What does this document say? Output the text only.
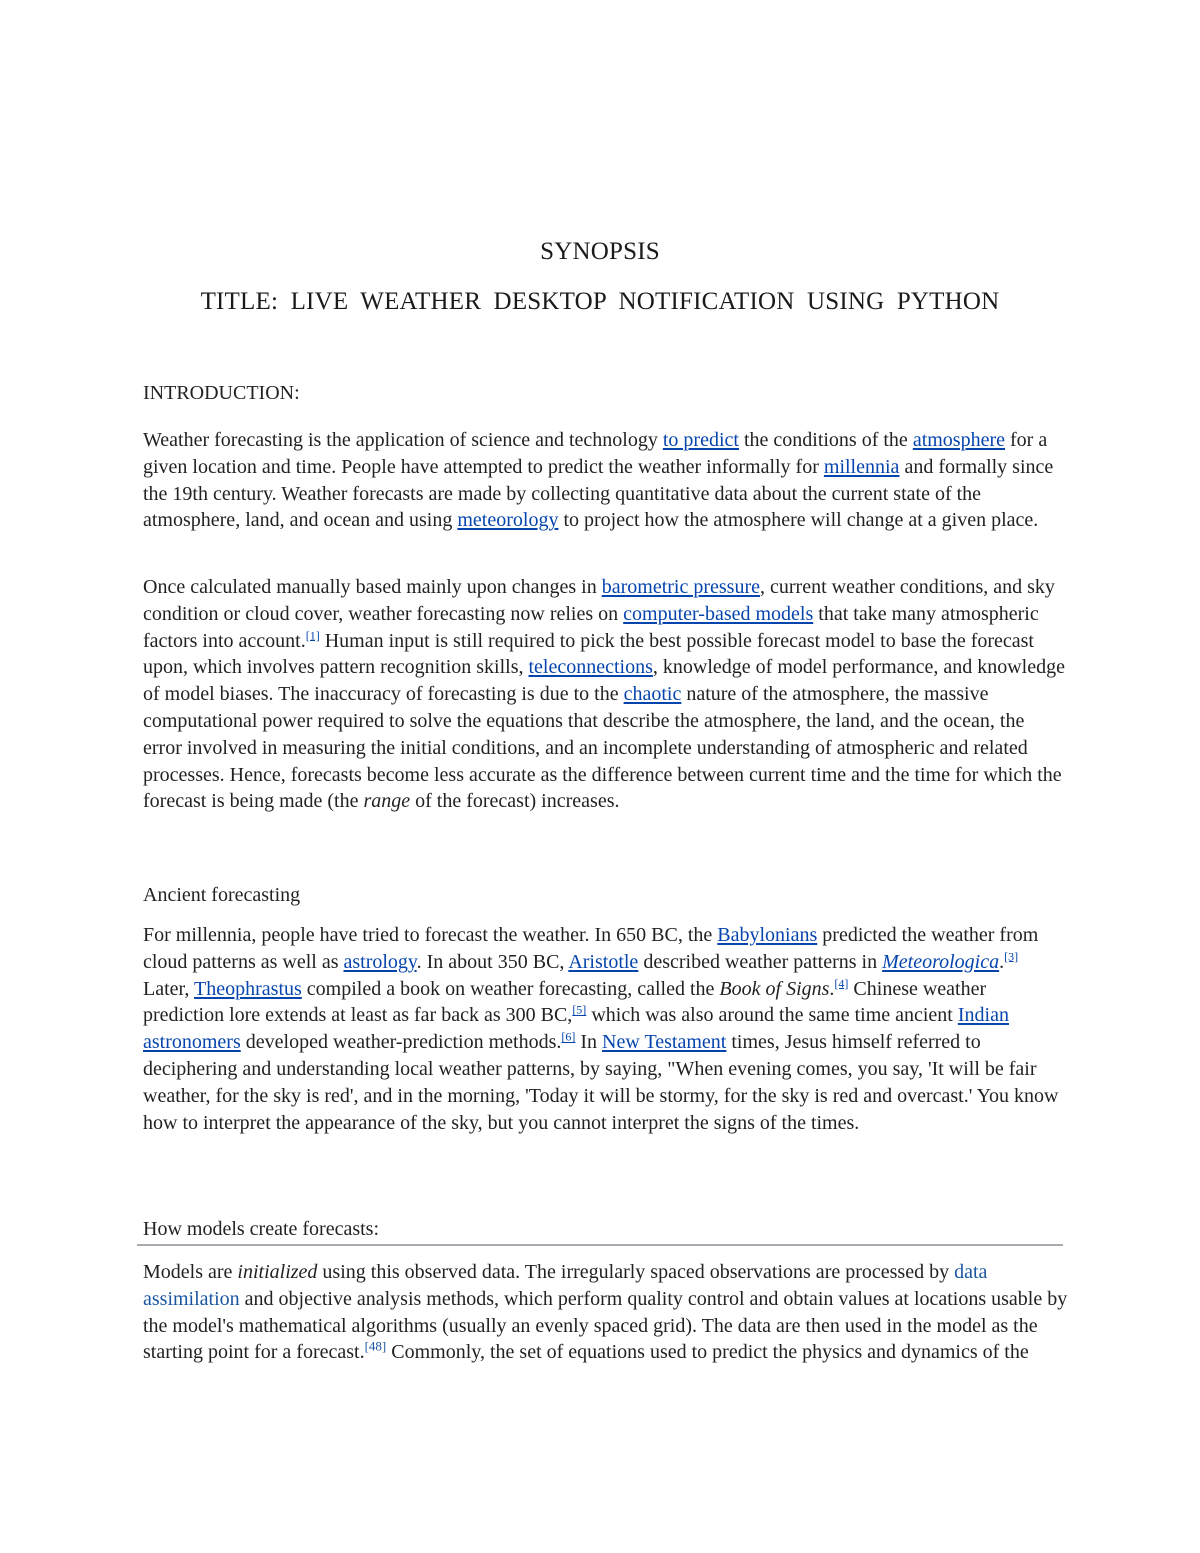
SYNOPSIS
TITLE: LIVE WEATHER DESKTOP NOTIFICATION USING PYTHON
INTRODUCTION:
Weather forecasting is the application of science and technology to predict the conditions of the atmosphere for a given location and time. People have attempted to predict the weather informally for millennia and formally since the 19th century. Weather forecasts are made by collecting quantitative data about the current state of the atmosphere, land, and ocean and using meteorology to project how the atmosphere will change at a given place.
Once calculated manually based mainly upon changes in barometric pressure, current weather conditions, and sky condition or cloud cover, weather forecasting now relies on computer-based models that take many atmospheric factors into account.[1] Human input is still required to pick the best possible forecast model to base the forecast upon, which involves pattern recognition skills, teleconnections, knowledge of model performance, and knowledge of model biases. The inaccuracy of forecasting is due to the chaotic nature of the atmosphere, the massive computational power required to solve the equations that describe the atmosphere, the land, and the ocean, the error involved in measuring the initial conditions, and an incomplete understanding of atmospheric and related processes. Hence, forecasts become less accurate as the difference between current time and the time for which the forecast is being made (the range of the forecast) increases.
Ancient forecasting
For millennia, people have tried to forecast the weather. In 650 BC, the Babylonians predicted the weather from cloud patterns as well as astrology. In about 350 BC, Aristotle described weather patterns in Meteorologica.[3] Later, Theophrastus compiled a book on weather forecasting, called the Book of Signs.[4] Chinese weather prediction lore extends at least as far back as 300 BC,[5] which was also around the same time ancient Indian astronomers developed weather-prediction methods.[6] In New Testament times, Jesus himself referred to deciphering and understanding local weather patterns, by saying, "When evening comes, you say, 'It will be fair weather, for the sky is red', and in the morning, 'Today it will be stormy, for the sky is red and overcast.' You know how to interpret the appearance of the sky, but you cannot interpret the signs of the times.
How models create forecasts:
Models are initialized using this observed data. The irregularly spaced observations are processed by data assimilation and objective analysis methods, which perform quality control and obtain values at locations usable by the model's mathematical algorithms (usually an evenly spaced grid). The data are then used in the model as the starting point for a forecast.[48] Commonly, the set of equations used to predict the physics and dynamics of the
